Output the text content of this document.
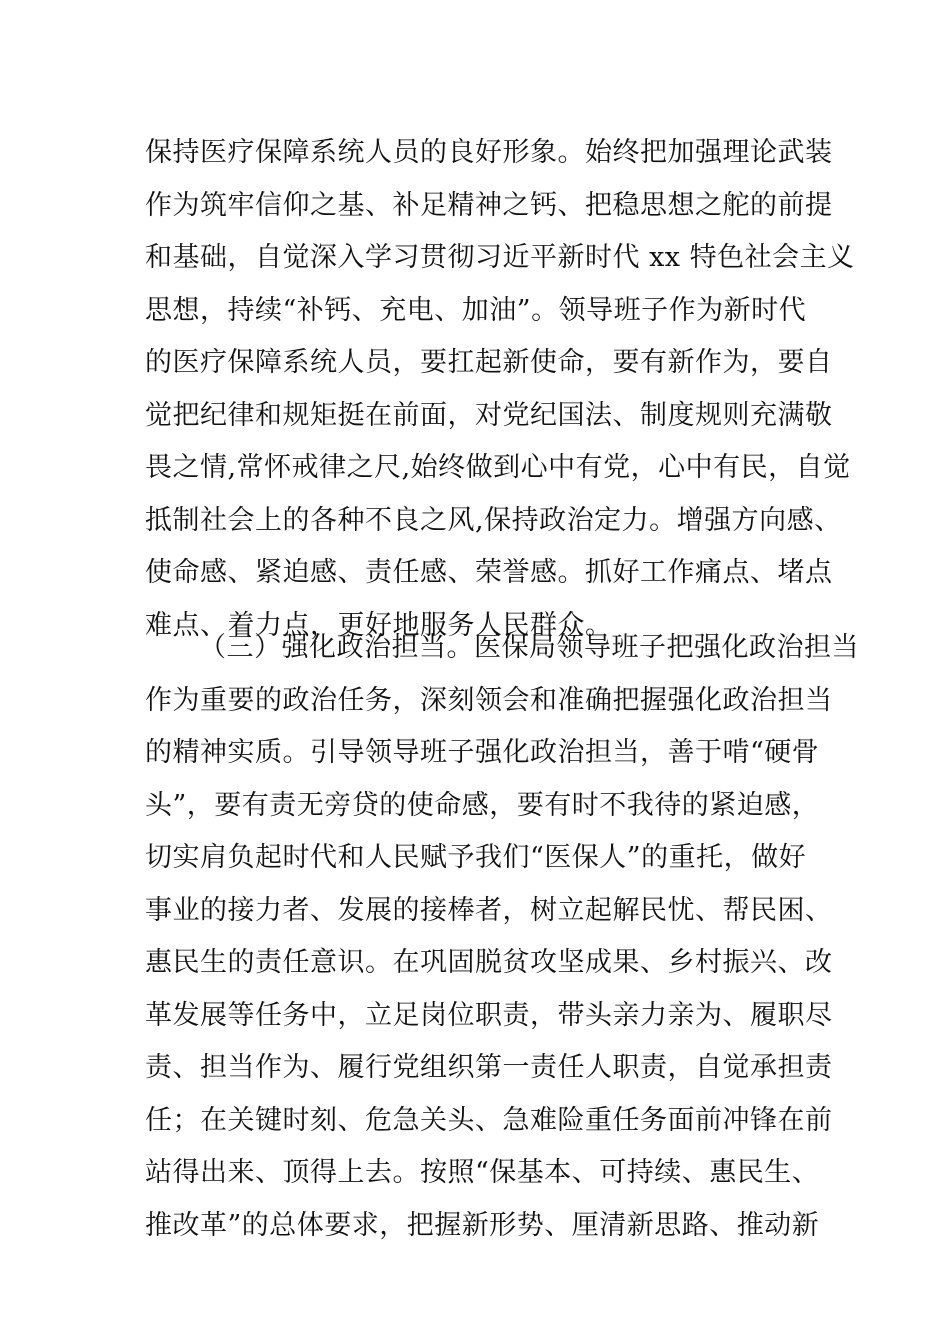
保持医疗保障系统人员的良好形象。始终把加强理论武装
作为筑牢信仰之基、补足精神之钙、把稳思想之舵的前提
和基础，自觉深入学习贯彻习近平新时代 xx 特色社会主义
思想，持续“补钙、充电、加油”。领导班子作为新时代
的医疗保障系统人员，要扛起新使命，要有新作为，要自
觉把纪律和规矩挺在前面，对党纪国法、制度规则充满敬
畏之情,常怀戒律之尺,始终做到心中有党，心中有民，自觉
抵制社会上的各种不良之风,保持政治定力。增强方向感、
使命感、紧迫感、责任感、荣誉感。抓好工作痛点、堵点
难点、着力点，更好地服务人民群众。
（三）强化政治担当。医保局领导班子把强化政治担当
作为重要的政治任务，深刻领会和准确把握强化政治担当
的精神实质。引导领导班子强化政治担当，善于啃“硬骨
头”，要有责无旁贷的使命感，要有时不我待的紧迫感，
切实肩负起时代和人民赋予我们“医保人”的重托，做好
事业的接力者、发展的接棒者，树立起解民忧、帮民困、
惠民生的责任意识。在巩固脱贫攻坚成果、乡村振兴、改
革发展等任务中，立足岗位职责，带头亲力亲为、履职尽
责、担当作为、履行党组织第一责任人职责，自觉承担责
任；在关键时刻、危急关头、急难险重任务面前冲锋在前
站得出来、顶得上去。按照“保基本、可持续、惠民生、
推改革”的总体要求，把握新形势、厘清新思路、推动新
